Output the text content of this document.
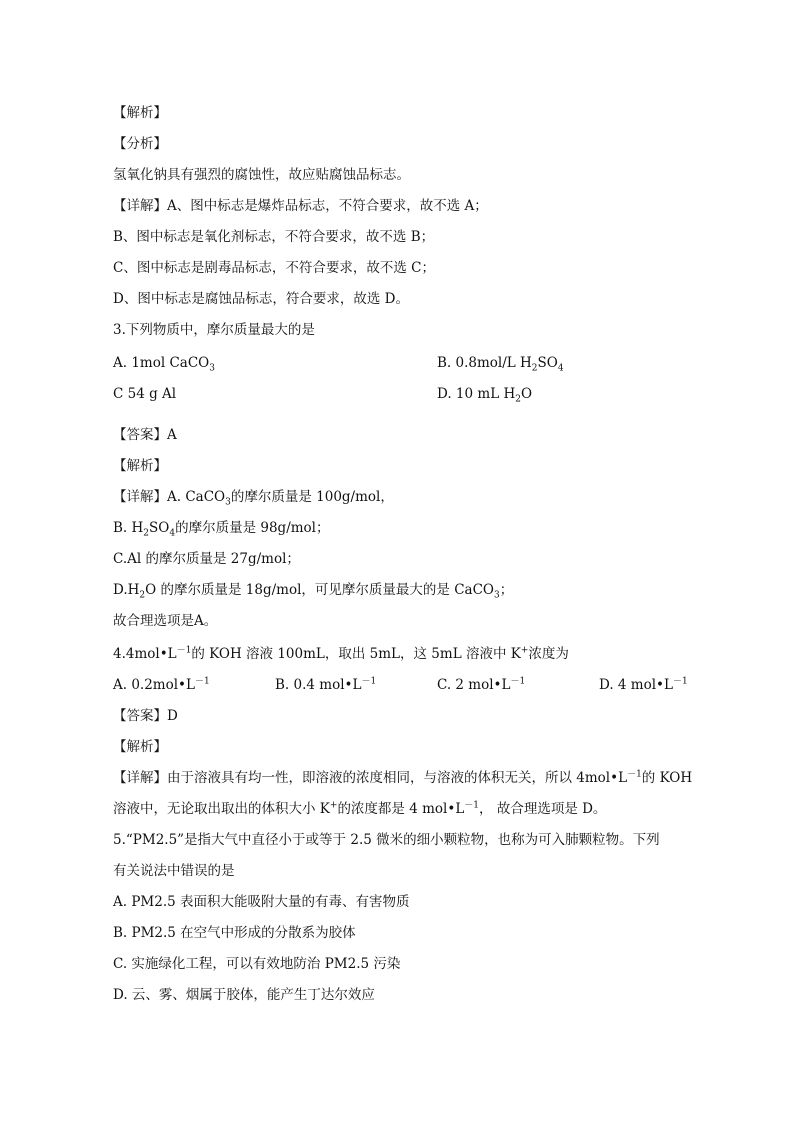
【解析】
【分析】
氢氧化钠具有强烈的腐蚀性，故应贴腐蚀品标志。
【详解】A、图中标志是爆炸品标志，不符合要求，故不选 A；
B、图中标志是氧化剂标志，不符合要求，故不选 B；
C、图中标志是剧毒品标志，不符合要求，故不选 C；
D、图中标志是腐蚀品标志，符合要求，故选 D。
3.下列物质中，摩尔质量最大的是
A. 1mol CaCO$_3$	B. 0.8mol/L $H_2SO_4$
C 54 g Al	D. 10 mL $H_2O$
【答案】A
【解析】
【详解】A. CaCO$_3$的摩尔质量是 100g/mol，
B. $H_2SO_4$的摩尔质量是 98g/mol；
C.Al 的摩尔质量是 27g/mol；
$D.H_2O$ 的摩尔质量是 18g/mol，可见摩尔质量最大的是 CaCO$_3$；
故合理选项是A。
$4.4mol•L^{-1}$的 KOH 溶液 100mL，取出 5mL，这 5mL 溶液中 K+浓度为
A. $0.2mol•L^{-1}$	B. 0.4 $mol•L^{-1}$	C. 2 $mol•L^{-1}$	D. 4 $mol•L^{-1}$
【答案】D
【解析】
【详解】由于溶液具有均一性，即溶液的浓度相同，与溶液的体积无关，所以 $4mol•L^{-1}$的 KOH
溶液中，无论取出取出的体积大小 K+的浓度都是 4 $mol•L^{-1}$， 故合理选项是 D。
5.“PM2.5”是指大气中直径小于或等于 2.5 微米的细小颗粒物，也称为可入肺颗粒物。下列
有关说法中错误的是
A. PM2.5 表面积大能吸附大量的有毒、有害物质
B. PM2.5 在空气中形成的分散系为胶体
C. 实施绿化工程，可以有效地防治 PM2.5 污染
D. 云、雾、烟属于胶体，能产生丁达尔效应
